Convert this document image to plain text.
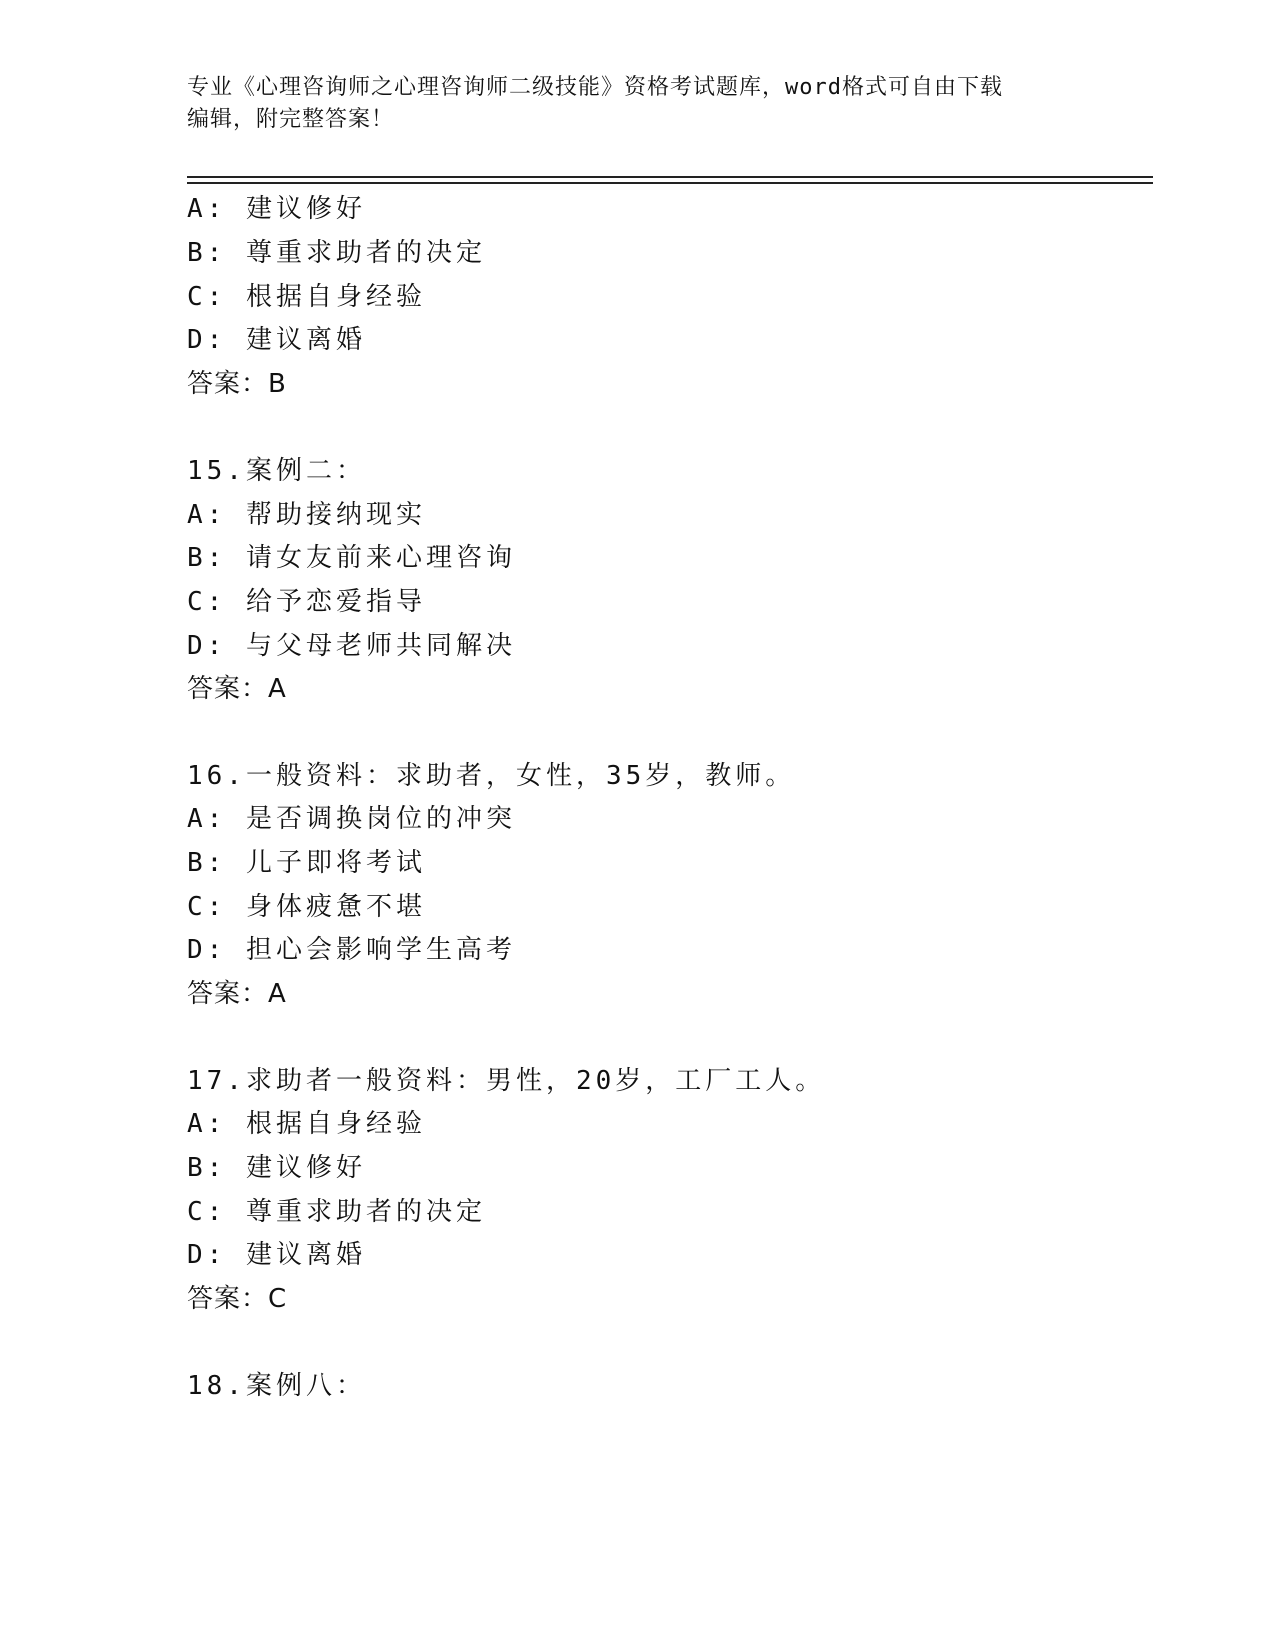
专业《心理咨询师之心理咨询师二级技能》资格考试题库，word格式可自由下载
编辑，附完整答案！
A: 建议修好
B: 尊重求助者的决定
C: 根据自身经验
D: 建议离婚
答案：B
15.案例二：
A: 帮助接纳现实
B: 请女友前来心理咨询
C: 给予恋爱指导
D: 与父母老师共同解决
答案：A
16.一般资料：求助者，女性，35岁，教师。
A: 是否调换岗位的冲突
B: 儿子即将考试
C: 身体疲惫不堪
D: 担心会影响学生高考
答案：A
17.求助者一般资料：男性，20岁，工厂工人。
A: 根据自身经验
B: 建议修好
C: 尊重求助者的决定
D: 建议离婚
答案：C
18.案例八：
